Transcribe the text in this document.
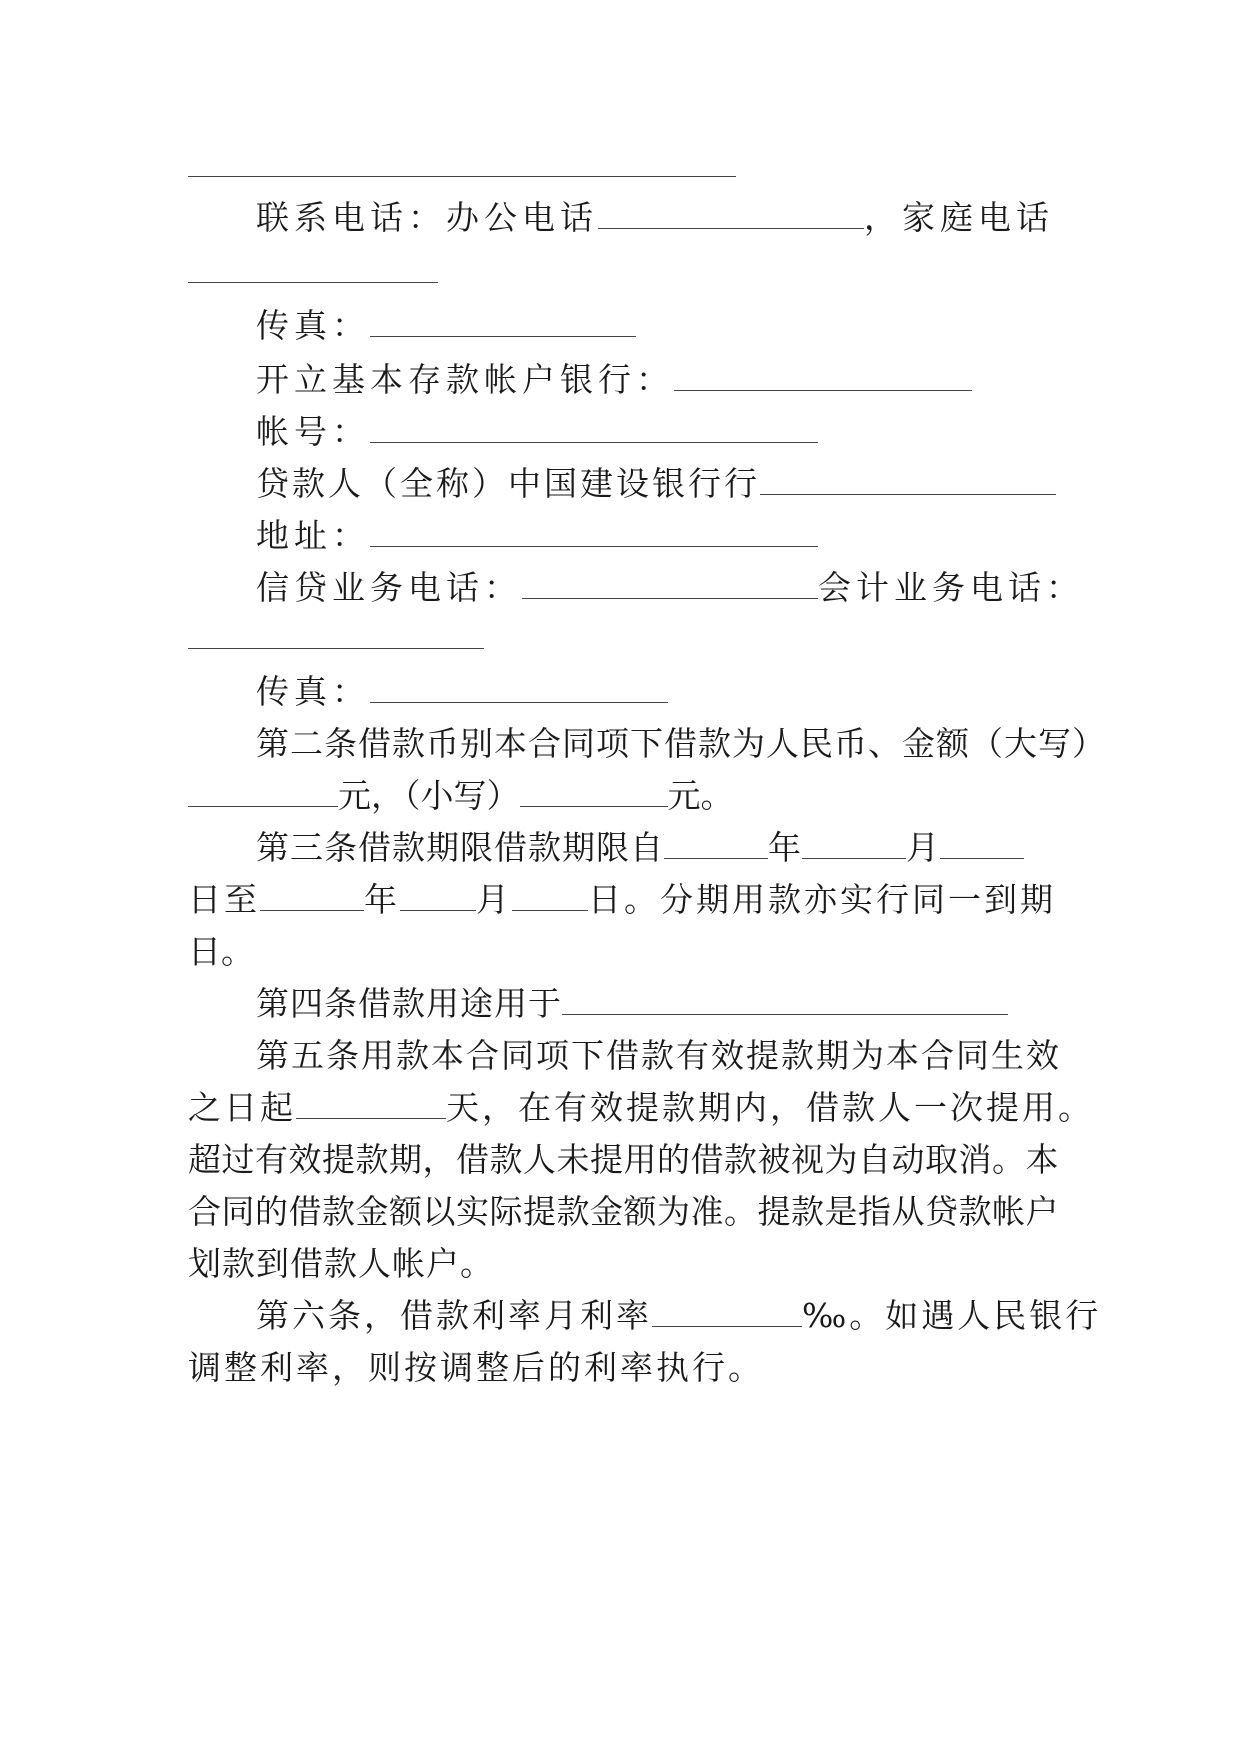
联系电话：办公电话	，家庭电话
传真：
开立基本存款帐户银行：
帐号：
贷款人（全称）中国建设银行行
地址：
信贷业务电话：	会计业务电话：
传真：
第二条借款币别本合同项下借款为人民币、金额（大写）
元，（小写）	元。
第三条借款期限借款期限自	年	月
日至	年 月 日。分期用款亦实行同一到期
日。
第四条借款用途用于
第五条用款本合同项下借款有效提款期为本合同生效
之日起	天，在有效提款期内，借款人一次提用。
超过有效提款期，借款人未提用的借款被视为自动取消。本
合同的借款金额以实际提款金额为准。提款是指从贷款帐户
划款到借款人帐户。
第六条，借款利率月利率	‰。如遇人民银行
调整利率，则按调整后的利率执行。
